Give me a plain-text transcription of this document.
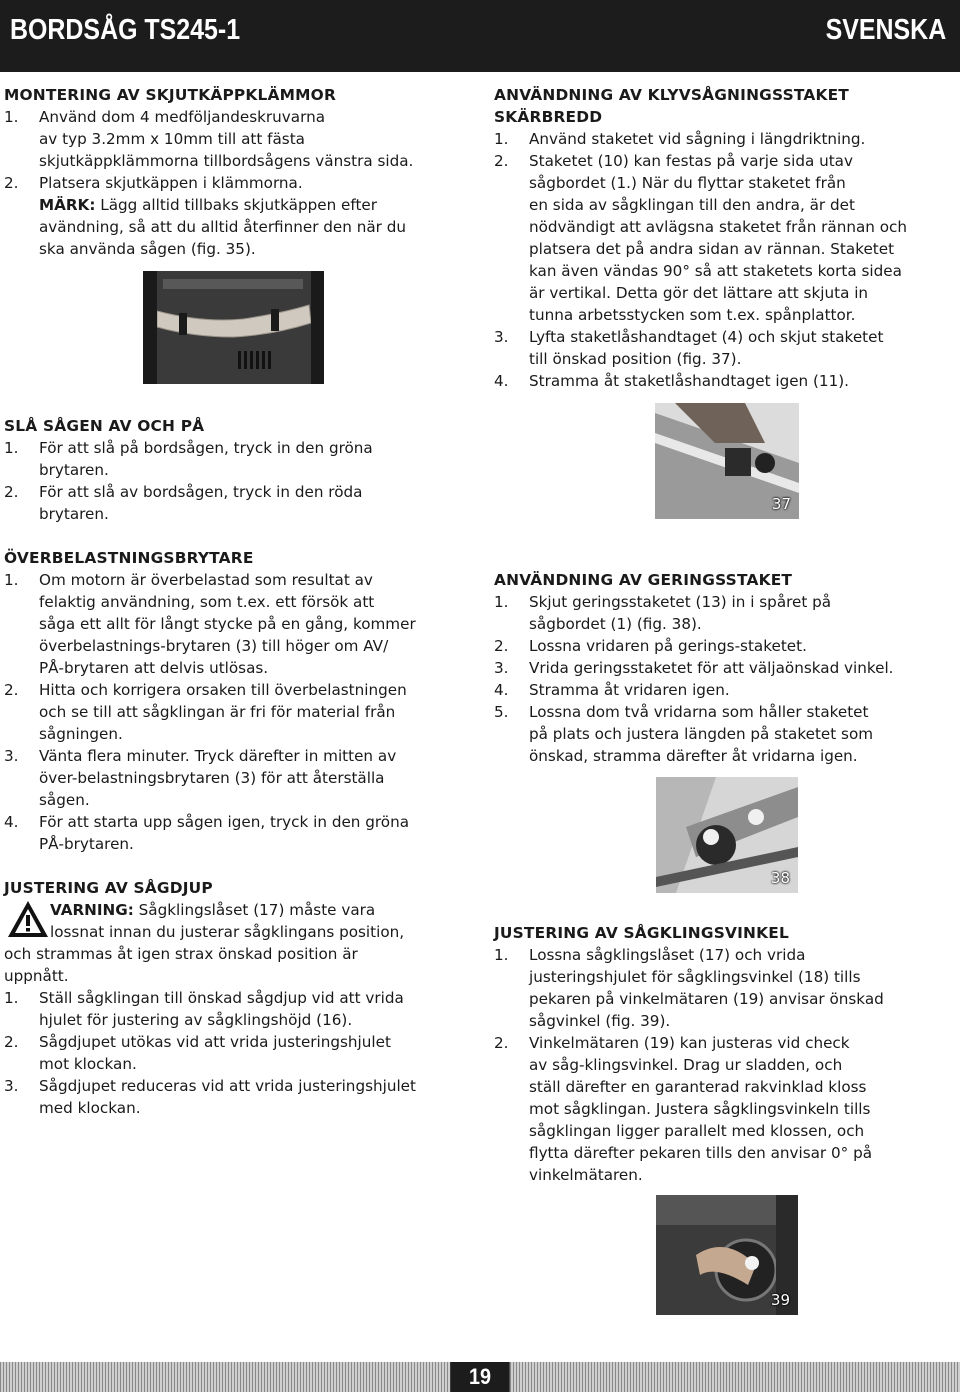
BORDSÅG TS245-1	SVENSKA
MONTERING AV SKJUTKÄPPKLÄMMOR
1. Använd dom 4 medföljandeskruvarna
av typ 3.2mm x 10mm till att fästa
skjutkäppklämmorna tillbordsågens vänstra sida.
2. Platsera skjutkäppen i klämmorna.
MÄRK: Lägg alltid tillbaks skjutkäppen efter
avändning, så att du alltid återfinner den när du
ska använda sågen (fig. 35).
SLÅ SÅGEN AV OCH PÅ
1. För att slå på bordsågen, tryck in den gröna
brytaren.
2. För att slå av bordsågen, tryck in den röda
brytaren.
ÖVERBELASTNINGSBRYTARE
1. Om motorn är överbelastad som resultat av
felaktig användning, som t.ex. ett försök att
såga ett allt för långt stycke på en gång, kommer
överbelastnings-brytaren (3) till höger om AV/
PÅ-brytaren att delvis utlösas.
2. Hitta och korrigera orsaken till överbelastningen
och se till att sågklingan är fri för material från
sågningen.
3. Vänta flera minuter. Tryck därefter in mitten av
över-belastningsbrytaren (3) för att återställa
sågen.
4. För att starta upp sågen igen, tryck in den gröna
PÅ-brytaren.
JUSTERING AV SÅGDJUP
VARNING: Sågklingslåset (17) måste vara
lossnat innan du justerar sågklingans position,
och strammas åt igen strax önskad position är
uppnått.
1. Ställ sågklingan till önskad sågdjup vid att vrida
hjulet för justering av sågklingshöjd (16).
2. Sågdjupet utökas vid att vrida justeringshjulet
mot klockan.
3. Sågdjupet reduceras vid att vrida justeringshjulet
med klockan.
ANVÄNDNING AV KLYVSÅGNINGSSTAKET
SKÄRBREDD
1. Använd staketet vid sågning i längdriktning.
2. Staketet (10) kan festas på varje sida utav
sågbordet (1.) När du flyttar staketet från
en sida av sågklingan till den andra, är det
nödvändigt att avlägsna staketet från rännan och
platsera det på andra sidan av rännan. Staketet
kan även vändas 90° så att staketets korta sidea
är vertikal. Detta gör det lättare att skjuta in
tunna arbetsstycken som t.ex. spånplattor.
3. Lyfta staketlåshandtaget (4) och skjut staketet
till önskad position (fig. 37).
4. Stramma åt staketlåshandtaget igen (11).
37
ANVÄNDNING AV GERINGSSTAKET
1. Skjut geringsstaketet (13) in i spåret på
sågbordet (1) (fig. 38).
2. Lossna vridaren på gerings-staketet.
3. Vrida geringsstaketet för att väljaönskad vinkel.
4. Stramma åt vridaren igen.
5. Lossna dom två vridarna som håller staketet
på plats och justera längden på staketet som
önskad, stramma därefter åt vridarna igen.
38
JUSTERING AV SÅGKLINGSVINKEL
1. Lossna sågklingslåset (17) och vrida
justeringshjulet för sågklingsvinkel (18) tills
pekaren på vinkelmätaren (19) anvisar önskad
sågvinkel (fig. 39).
2. Vinkelmätaren (19) kan justeras vid check
av såg-klingsvinkel. Drag ur sladden, och
ställ därefter en garanterad rakvinklad kloss
mot sågklingan. Justera sågklingsvinkeln tills
sågklingan ligger parallelt med klossen, och
flytta därefter pekaren tills den anvisar 0° på
vinkelmätaren.
39
19
